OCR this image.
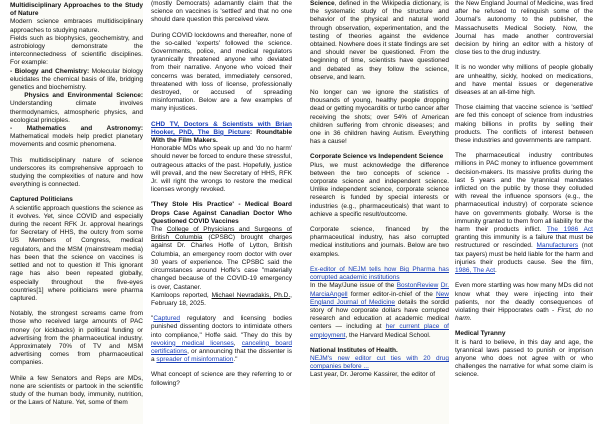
Multidisciplinary Approaches to the Study of Nature

Modern science embraces multidisciplinary approaches to studying nature.

Fields such as biophysics, geochemistry, and astrobiology demonstrate the interconnectedness of scientific disciplines. For example:

- Biology and Chemistry: Molecular biology elucidates the chemical basis of life, bridging genetics and biochemistry.

Physics and Environmental Science: Understanding climate involves thermodynamics, atmospheric physics, and ecological principles.

- Mathematics and Astronomy: Mathematical models help predict planetary movements and cosmic phenomena.

This multidisciplinary nature of science underscores its comprehensive approach to studying the complexities of nature and how everything is connected.

Captured Politicians

A scientific approach questions the science as it evolves. Yet, since COVID and especially during the recent RFK Jr. approval hearings for Secretary of HHS, the outcry from some US Members of Congress, medical regulators, and the MSM (mainstream media) has been that the science on vaccines is settled and not to question it! This ignorant rage has also been repeated globally, especially throughout the five-eyes countries[1] where politicians were pharma captured.

Notably, the strongest screams came from those who received large amounts of PAC money (or kickbacks) in political funding or advertising from the pharmaceutical industry. Approximately 70% of TV and MSM advertising comes from pharmaceutical companies.

While a few Senators and Reps are MDs, none are scientists or partook in the scientific study of the human body, immunity, nutrition, or the Laws of Nature. Yet, some of them

(mostly Democrats) adamantly claim that the science on vaccines is 'settled' and that no one should dare question this perceived view.

During COVID lockdowns and thereafter, none of the so-called 'experts' followed the science. Governments, police, and medical regulators tyrannically threatened anyone who deviated from their narrative. Anyone who voiced their concerns was berated, immediately censored, threatened with loss of license, professionally destroyed, or accused of spreading misinformation. Below are a few examples of many injustices.

CHD TV, Doctors & Scientists with Brian Hooker, PhD, The Big Picture: Roundtable With the Film Makers.

Honorable MDs who speak up and 'do no harm' should never be forced to endure these stressful, outrageous attacks of the past. Hopefully, justice will prevail, and the new Secretary of HHS, RFK Jr. will right the wrongs to restore the medical licenses wrongly revoked.

'They Stole His Practice' - Medical Board Drops Case Against Canadian Doctor Who Questioned COVID Vaccines

The College of Physicians and Surgeons of British Columbia (CPSBC) brought charges against Dr. Charles Hoffe of Lytton, British Columbia, an emergency room doctor with over 30 years of experience. The CPSBC said the circumstances around Hoffe's case "materially changed because of the COVID-19 emergency is over, Castaner.

Kamloops reported, Michael Nevradakis, Ph.D., February 18, 2025.

"Captured regulatory and licensing bodies punished dissenting doctors to intimidate others into compliance," Hoffe said. "They do this by revoking medical licenses, canceling board certifications, or announcing that the dissenter is a spreader of misinformation."

What concept of science are they referring to or following?

Science, defined in the Wikipedia dictionary, is the systematic study of the structure and behavior of the physical and natural world through observation, experimentation, and the testing of theories against the evidence obtained. Nowhere does it state findings are set and should never be questioned. From the beginning of time, scientists have questioned and debated as they follow the science, observe, and learn.

No longer can we ignore the statistics of thousands of young, healthy people dropping dead or getting myocarditis or turbo cancer after receiving the shots; over 54% of American children suffering from chronic diseases; and one in 36 children having Autism. Everything has a cause!

Corporate Science vs Independent Science

Plus, we must acknowledge the difference between the two concepts of science - corporate science and independent science. Unlike independent science, corporate science research is funded by special interests or industries (e.g., pharmaceuticals) that want to achieve a specific result/outcome.

Corporate science, financed by the pharmaceutical industry, has also corrupted medical institutions and journals. Below are two examples.

Ex-editor of NEJM tells how Big Pharma has corrupted academic institutions

In the May/June issue of the BostonReview Dr. MarciaAngell former editor-in-chief of the New England Journal of Medicine details the sordid story of how corporate dollars have corrupted research and education at academic medical centers — including at her current place of employment, the Harvard Medical School.

National Institutes of Health.

NEJM's new editor cut ties with 20 drug companies before ...

Last year, Dr. Jerome Kassirer, the editor of

the New England Journal of Medicine, was fired after he refused to relinquish some of the Journal's autonomy to the publisher, the Massachusetts Medical Society. Now, the Journal has made another controversial decision by hiring an editor with a history of close ties to the drug industry.

It is no wonder why millions of people globally are unhealthy, sickly, hooked on medications, and have mental issues or degenerative diseases at an all-time high.

Those claiming that vaccine science is 'settled' are fed this concept of science from industries making billions in profits by selling their products. The conflicts of interest between these industries and governments are rampant.

The pharmaceutical industry contributes millions in PAC money to influence government decision-makers. Its massive profits during the last 5 years and the tyrannical mandates inflicted on the public by those they colluded with reveal the influence sponsors (e.g., the pharmaceutical industry) of corporate science have on governments globally. Worse is the immunity granted to them from all liability for the harm their products inflict. The 1986 Act granting this immunity is a failure that must be restructured or rescinded. Manufacturers (not tax payers) must be held liable for the harm and injuries their products cause. See the film, 1986, The Act.

Even more startling was how many MDs did not know what they were injecting into their patients, nor the deadly consequences of violating their Hippocrates oath - First, do no harm.

Medical Tyranny

It is hard to believe, in this day and age, the tyrannical laws passed to punish or imprison anyone who does not agree with or who challenges the narrative for what some claim is science.
